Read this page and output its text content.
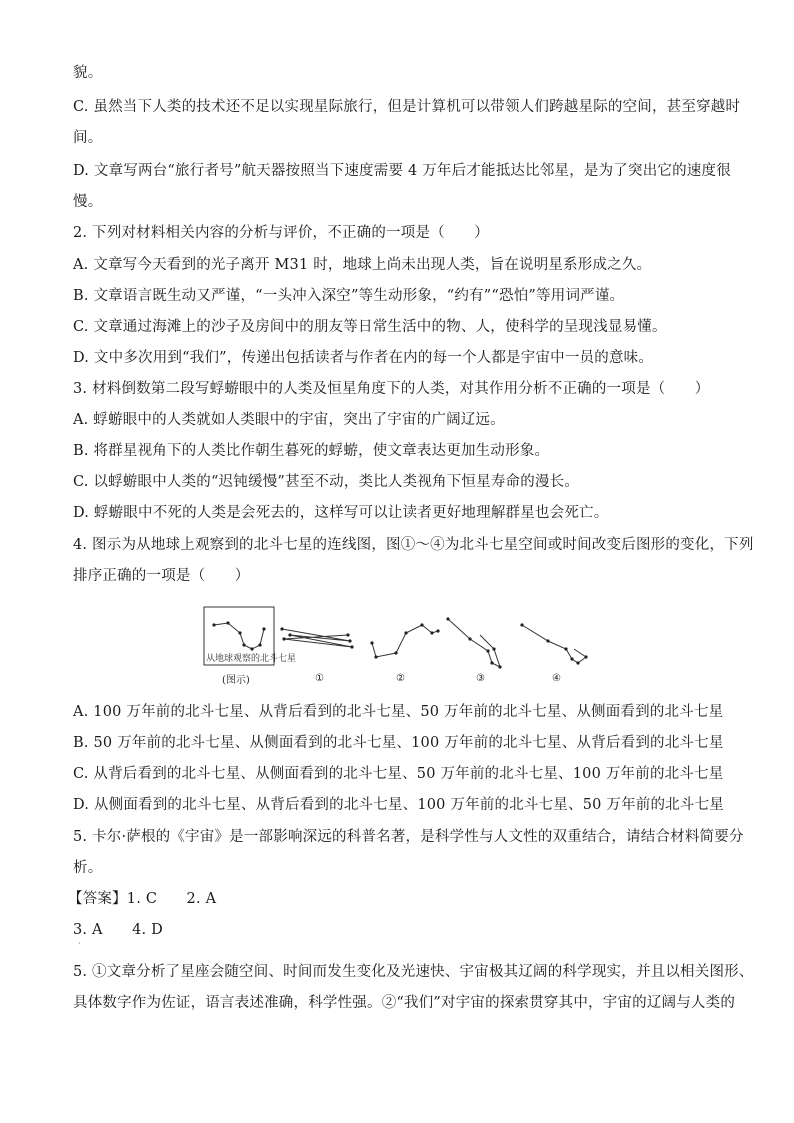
貌。
C. 虽然当下人类的技术还不足以实现星际旅行，但是计算机可以带领人们跨越星际的空间，甚至穿越时
间。
D. 文章写两台“旅行者号”航天器按照当下速度需要 4 万年后才能抵达比邻星，是为了突出它的速度很
慢。
2. 下列对材料相关内容的分析与评价，不正确的一项是（　　）
A. 文章写今天看到的光子离开 M31 时，地球上尚未出现人类，旨在说明星系形成之久。
B. 文章语言既生动又严谨，“一头冲入深空”等生动形象，“约有”“恐怕”等用词严谨。
C. 文章通过海滩上的沙子及房间中的朋友等日常生活中的物、人，使科学的呈现浅显易懂。
D. 文中多次用到“我们”，传递出包括读者与作者在内的每一个人都是宇宙中一员的意味。
3. 材料倒数第二段写蜉蝣眼中的人类及恒星角度下的人类，对其作用分析不正确的一项是（　　）
A. 蜉蝣眼中的人类就如人类眼中的宇宙，突出了宇宙的广阔辽远。
B. 将群星视角下的人类比作朝生暮死的蜉蝣，使文章表达更加生动形象。
C. 以蜉蝣眼中人类的“迟钝缓慢”甚至不动，类比人类视角下恒星寿命的漫长。
D. 蜉蝣眼中不死的人类是会死去的，这样写可以让读者更好地理解群星也会死亡。
4. 图示为从地球上观察到的北斗七星的连线图，图①～④为北斗七星空间或时间改变后图形的变化，下列
排序正确的一项是（　　）
从地球观察的北斗七星
(图示)	①	②	③	④
A. 100 万年前的北斗七星、从背后看到的北斗七星、50 万年前的北斗七星、从侧面看到的北斗七星
B. 50 万年前的北斗七星、从侧面看到的北斗七星、100 万年前的北斗七星、从背后看到的北斗七星
C. 从背后看到的北斗七星、从侧面看到的北斗七星、50 万年前的北斗七星、100 万年前的北斗七星
D. 从侧面看到的北斗七星、从背后看到的北斗七星、100 万年前的北斗七星、50 万年前的北斗七星
5. 卡尔·萨根的《宇宙》是一部影响深远的科普名著，是科学性与人文性的双重结合，请结合材料简要分
析。
【答案】1. C　　2. A
3. A　　4. D
·
5. ①文章分析了星座会随空间、时间而发生变化及光速快、宇宙极其辽阔的科学现实，并且以相关图形、
具体数字作为佐证，语言表述准确，科学性强。②“我们”对宇宙的探索贯穿其中，宇宙的辽阔与人类的
